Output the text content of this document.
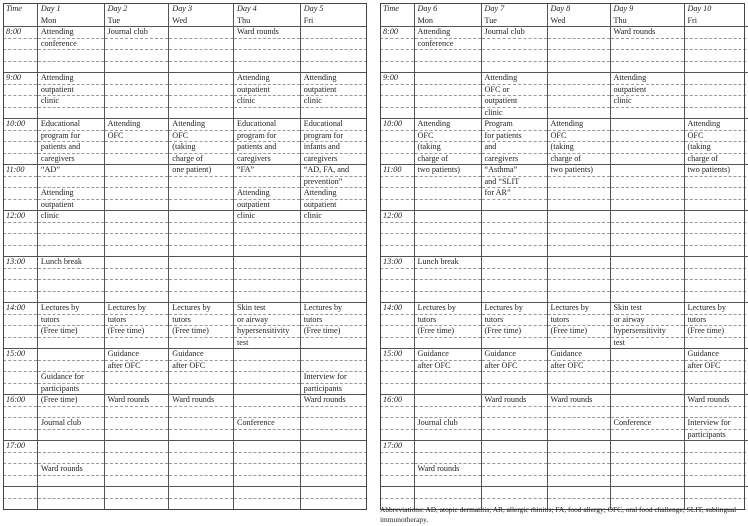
Time	Day 1	Day 2	Day 3	Day 4	Day 5
	Mon	Tue	Wed	Thu	Fri
8:00	Attending	Journal club		Ward rounds	
	conference				

9:00	Attending			Attending	Attending
	outpatient			outpatient	outpatient
	clinic			clinic	clinic

10:00	Educational	Attending	Attending	Educational	Educational
	program for	OFC	OFC	program for	program for
	patients and		(taking	patients and	infants and
	caregivers		charge of	caregivers	caregivers
11:00	“AD”		one patient)	“FA”	“AD, FA, and
					prevention”
	Attending			Attending	Attending
	outpatient			outpatient	outpatient
12:00	clinic			clinic	clinic

13:00	Lunch break				

14:00	Lectures by	Lectures by	Lectures by	Skin test	Lectures by
	tutors	tutors	tutors	or airway	tutors
	(Free time)	(Free time)	(Free time)	hypersensitivity	(Free time)
				test	
15:00		Guidance	Guidance		
		after OFC	after OFC		
	Guidance for				Interview for
	participants				participants
16:00	(Free time)	Ward rounds	Ward rounds		Ward rounds

	Journal club			Conference	

17:00					

	Ward rounds				

Time	Day 6	Day 7	Day 8	Day 9	Day 10
	Mon	Tue	Wed	Thu	Fri
8:00	Attending	Journal club		Ward rounds	
	conference				

9:00		Attending		Attending	
		OFC or		outpatient	
		outpatient		clinic	
		clinic			
10:00	Attending	Program	Attending		Attending
	OFC	for patients	OFC		OFC
	(taking	and	(taking		(taking
	charge of	caregivers	charge of		charge of
11:00	two patients)	“Asthma”	two patients)		two patients)
		and “SLIT			
		for AR”			

12:00					

13:00	Lunch break				

14:00	Lectures by	Lectures by	Lectures by	Skin test	Lectures by
	tutors	tutors	tutors	or airway	tutors
	(Free time)	(Free time)	(Free time)	hypersensitivity	(Free time)
				test	
15:00	Guidance	Guidance	Guidance		Guidance
	after OFC	after OFC	after OFC		after OFC

16:00		Ward rounds	Ward rounds		Ward rounds

	Journal club			Conference	Interview for
					participants
17:00					

	Ward rounds				

Abbreviations: AD, atopic dermatitis; AR, allergic rhinitis; FA, food allergy; OFC, oral food challenge; SLIT, sublingual immunotherapy.
